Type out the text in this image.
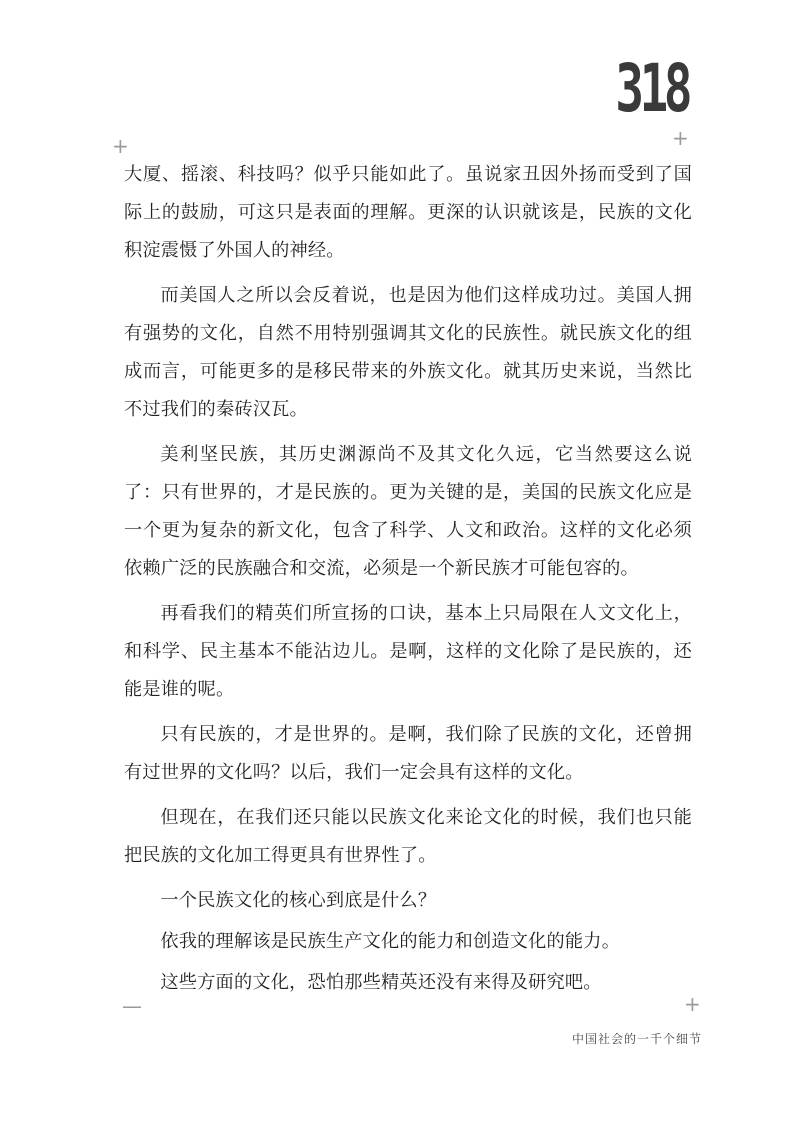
318
+	+

大厦、摇滚、科技吗？似乎只能如此了。虽说家丑因外扬而受到了国际上的鼓励，可这只是表面的理解。更深的认识就该是，民族的文化积淀震慑了外国人的神经。

而美国人之所以会反着说，也是因为他们这样成功过。美国人拥有强势的文化，自然不用特别强调其文化的民族性。就民族文化的组成而言，可能更多的是移民带来的外族文化。就其历史来说，当然比不过我们的秦砖汉瓦。

美利坚民族，其历史渊源尚不及其文化久远，它当然要这么说了：只有世界的，才是民族的。更为关键的是，美国的民族文化应是一个更为复杂的新文化，包含了科学、人文和政治。这样的文化必须依赖广泛的民族融合和交流，必须是一个新民族才可能包容的。

再看我们的精英们所宣扬的口诀，基本上只局限在人文文化上，和科学、民主基本不能沾边儿。是啊，这样的文化除了是民族的，还能是谁的呢。

只有民族的，才是世界的。是啊，我们除了民族的文化，还曾拥有过世界的文化吗？以后，我们一定会具有这样的文化。

但现在，在我们还只能以民族文化来论文化的时候，我们也只能把民族的文化加工得更具有世界性了。

一个民族文化的核心到底是什么？

依我的理解该是民族生产文化的能力和创造文化的能力。

这些方面的文化，恐怕那些精英还没有来得及研究吧。

—	+
中国社会的一千个细节
